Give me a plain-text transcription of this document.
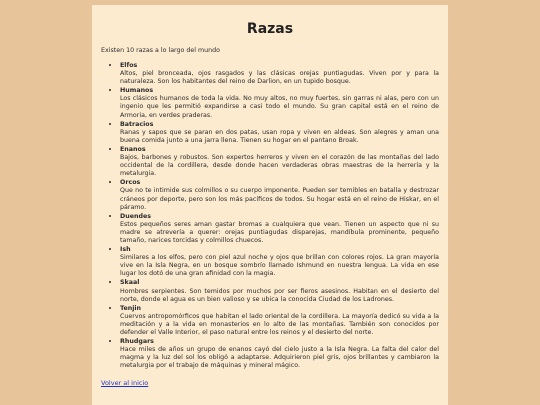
Razas

Existen 10 razas a lo largo del mundo

• Elfos
Altos, piel bronceada, ojos rasgados y las clásicas orejas puntiagudas. Viven por y para la naturaleza. Son los habitantes del reino de Darlion, en un tupido bosque.
• Humanos
Los clásicos humanos de toda la vida. No muy altos, no muy fuertes, sin garras ni alas, pero con un ingenio que les permitió expandirse a casi todo el mundo. Su gran capital está en el reino de Armoria, en verdes praderas.
• Batracios
Ranas y sapos que se paran en dos patas, usan ropa y viven en aldeas. Son alegres y aman una buena comida junto a una jarra llena. Tienen su hogar en el pantano Broak.
• Enanos
Bajos, barbones y robustos. Son expertos herreros y viven en el corazón de las montañas del lado occidental de la cordillera, desde donde hacen verdaderas obras maestras de la herrería y la metalurgia.
• Orcos
Que no te intimide sus colmillos o su cuerpo imponente. Pueden ser temibles en batalla y destrozar cráneos por deporte, pero son los más pacíficos de todos. Su hogar está en el reino de Hiskar, en el páramo.
• Duendes
Estos pequeños seres aman gastar bromas a cualquiera que vean. Tienen un aspecto que ni su madre se atrevería a querer: orejas puntiagudas disparejas, mandíbula prominente, pequeño tamaño, narices torcidas y colmillos chuecos.
• Ish
Similares a los elfos, pero con piel azul noche y ojos que brillan con colores rojos. La gran mayoría vive en la Isla Negra, en un bosque sombrío llamado Ishmund en nuestra lengua. La vida en ese lugar los dotó de una gran afinidad con la magia.
• Skaal
Hombres serpientes. Son temidos por muchos por ser fieros asesinos. Habitan en el desierto del norte, donde el agua es un bien valioso y se ubica la conocida Ciudad de los Ladrones.
• Tenjin
Cuervos antropomórficos que habitan el lado oriental de la cordillera. La mayoría dedicó su vida a la meditación y a la vida en monasterios en lo alto de las montañas. También son conocidos por defender el Valle Interior, el paso natural entre los reinos y el desierto del norte.
• Rhudgars
Hace miles de años un grupo de enanos cayó del cielo justo a la Isla Negra. La falta del calor del magma y la luz del sol los obligó a adaptarse. Adquirieron piel gris, ojos brillantes y cambiaron la metalurgia por el trabajo de máquinas y mineral mágico.
Volver al inicio
